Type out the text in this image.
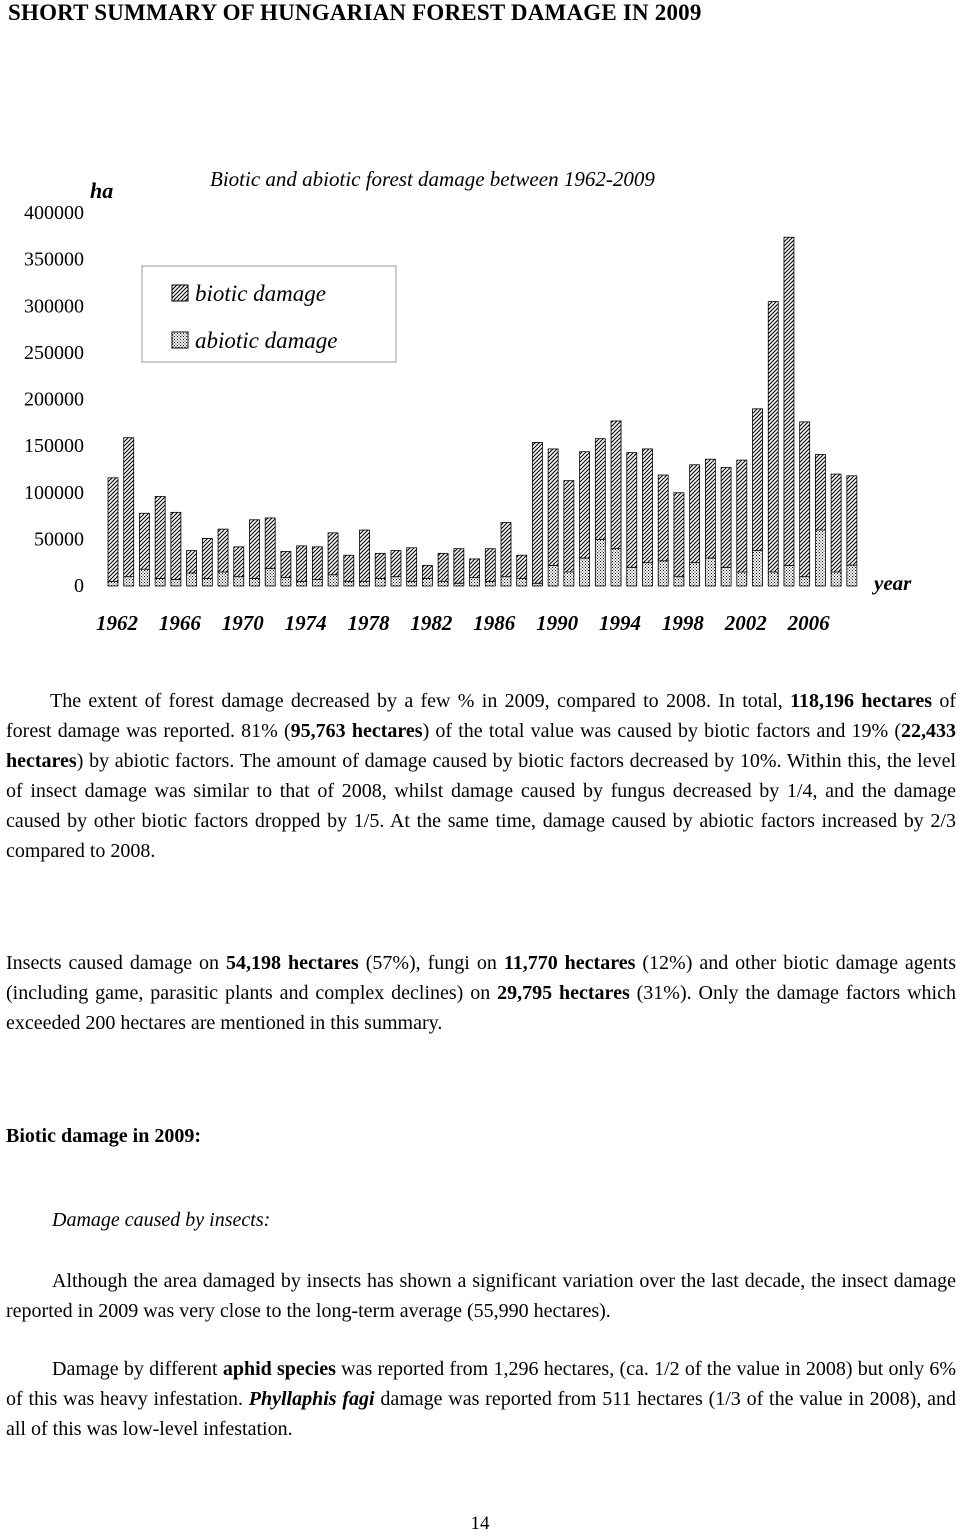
SHORT SUMMARY OF HUNGARIAN FOREST DAMAGE IN 2009
Biotic and abiotic forest damage between 1962-2009
ha
year
0
50000
100000
150000
200000
250000
300000
350000
400000
1962 1966 1970 1974 1978 1982 1986 1990 1994 1998 2002 2006
biotic damage
abiotic damage
The extent of forest damage decreased by a few % in 2009, compared to 2008. In total, 118,196 hectares of forest damage was reported. 81% (95,763 hectares) of the total value was caused by biotic factors and 19% (22,433 hectares) by abiotic factors. The amount of damage caused by biotic factors decreased by 10%. Within this, the level of insect damage was similar to that of 2008, whilst damage caused by fungus decreased by 1/4, and the damage caused by other biotic factors dropped by 1/5. At the same time, damage caused by abiotic factors increased by 2/3 compared to 2008.
Insects caused damage on 54,198 hectares (57%), fungi on 11,770 hectares (12%) and other biotic damage agents (including game, parasitic plants and complex declines) on 29,795 hectares (31%). Only the damage factors which exceeded 200 hectares are mentioned in this summary.
Biotic damage in 2009:
Damage caused by insects:
Although the area damaged by insects has shown a significant variation over the last decade, the insect damage reported in 2009 was very close to the long-term average (55,990 hectares).
Damage by different aphid species was reported from 1,296 hectares, (ca. 1/2 of the value in 2008) but only 6% of this was heavy infestation. Phyllaphis fagi damage was reported from 511 hectares (1/3 of the value in 2008), and all of this was low-level infestation.
14
